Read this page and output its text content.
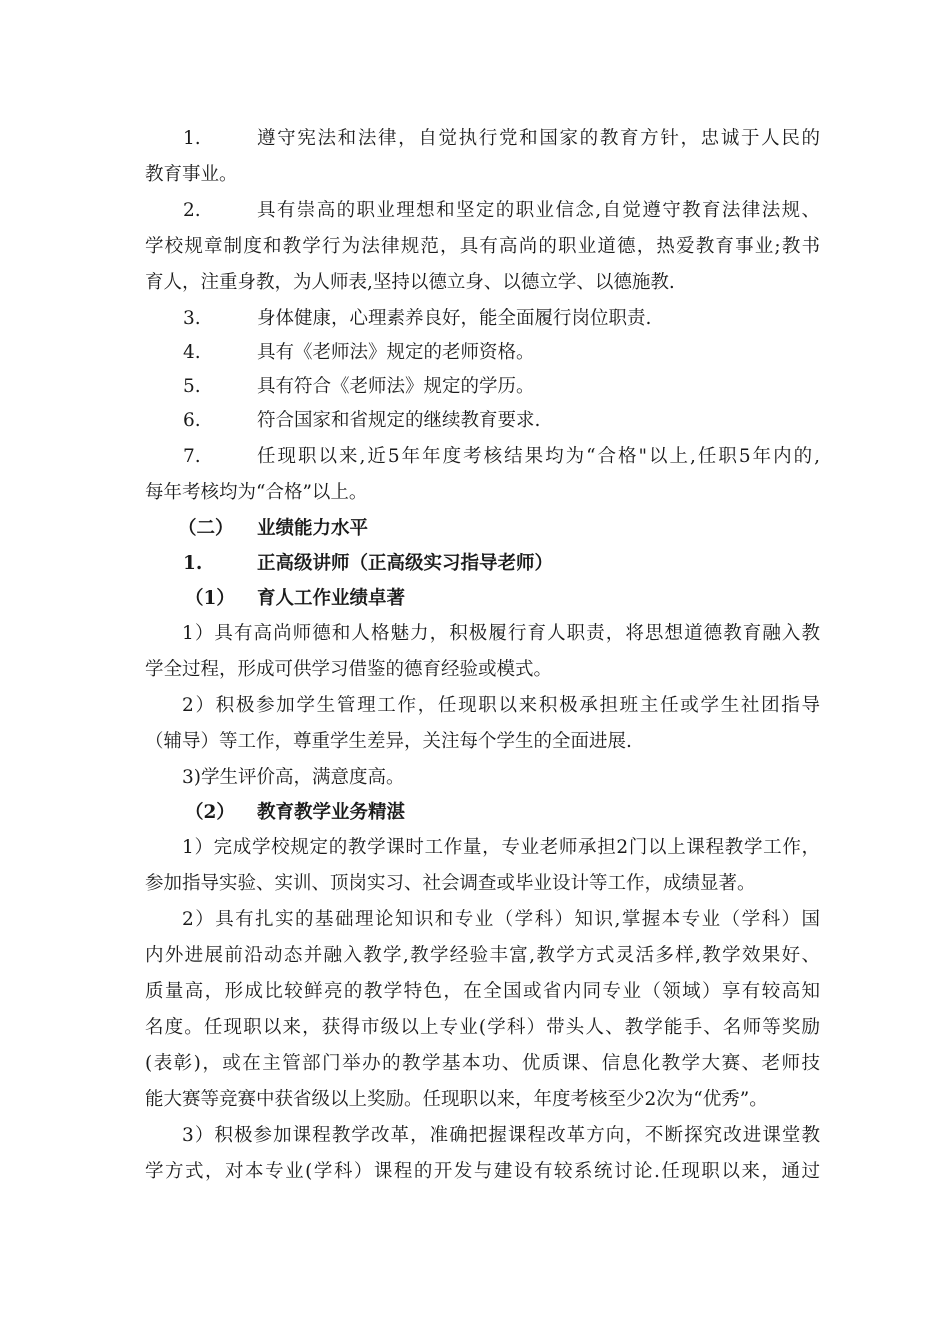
1.	遵守宪法和法律，自觉执行党和国家的教育方针，忠诚于人民的
教育事业。
2.	具有崇高的职业理想和坚定的职业信念,自觉遵守教育法律法规、
学校规章制度和教学行为法律规范，具有高尚的职业道德，热爱教育事业;教书
育人，注重身教，为人师表,坚持以德立身、以德立学、以德施教.
3.	身体健康，心理素养良好，能全面履行岗位职责.
4.	具有《老师法》规定的老师资格。
5.	具有符合《老师法》规定的学历。
6.	符合国家和省规定的继续教育要求.
7.	任现职以来,近5年年度考核结果均为“合格"以上,任职5年内的,
每年考核均为“合格”以上。
（二） 业绩能力水平
1.	正高级讲师（正高级实习指导老师）
（1） 育人工作业绩卓著
1）具有高尚师德和人格魅力，积极履行育人职责，将思想道德教育融入教
学全过程，形成可供学习借鉴的德育经验或模式。
2）积极参加学生管理工作，任现职以来积极承担班主任或学生社团指导
（辅导）等工作，尊重学生差异，关注每个学生的全面进展.
3)学生评价高，满意度高。
（2） 教育教学业务精湛
1）完成学校规定的教学课时工作量，专业老师承担2门以上课程教学工作，
参加指导实验、实训、顶岗实习、社会调查或毕业设计等工作，成绩显著。
2）具有扎实的基础理论知识和专业（学科）知识,掌握本专业（学科）国
内外进展前沿动态并融入教学,教学经验丰富,教学方式灵活多样,教学效果好、
质量高，形成比较鲜亮的教学特色，在全国或省内同专业（领域）享有较高知
名度。任现职以来，获得市级以上专业(学科）带头人、教学能手、名师等奖励
(表彰)，或在主管部门举办的教学基本功、优质课、信息化教学大赛、老师技
能大赛等竞赛中获省级以上奖励。任现职以来，年度考核至少2次为“优秀”。
3）积极参加课程教学改革，准确把握课程改革方向，不断探究改进课堂教
学方式，对本专业(学科）课程的开发与建设有较系统讨论.任现职以来，通过
